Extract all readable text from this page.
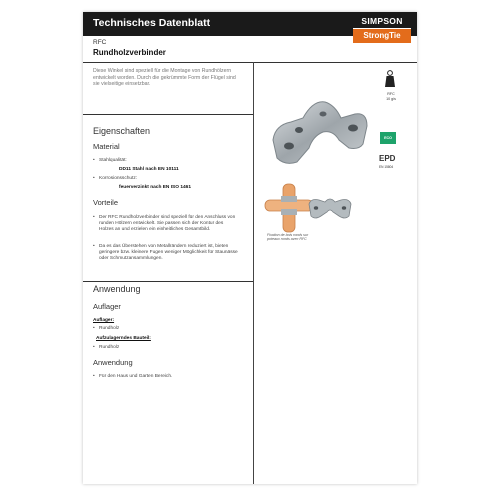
Technisches Datenblatt	SIMPSON
StrongTie
RFC
Rundholzverbinder
Diese Winkel sind speziell für die Montage von Rundhölzern entwickelt worden. Durch die gekrümmte Form der Flügel sind sie vielseitige einsetzbar.
Eigenschaften
Material
• Stahlqualität:
DD11 Stahl nach EN 10111
• Korrosionsschutz:
feuerverzinkt nach EN ISO 1461
Vorteile
• Der RFC Rundholzverbinder sind speziell für den Anschluss von runden Hölzern entwickelt. Sie passen sich der Kontur des Holzes an und erzielen ein einheitliches Gesamtbild.
• Da es das Überstehen von Metallrändern reduziert ist, bieten geringere bzw. kleinere Fugen weniger Möglichkeit für Staunässe oder Schmutzansammlungen.
Anwendung
Auflager
Auflager:
• Rundholz
Aufzulagerndes Bauteil:
• Rundholz
Anwendung
• Für den Haus und Garten Bereich.
Fixation de bois ronds sur poteaux ronds avec RFC
RFC
10 g/s
ECO
EPD
EN 15804
